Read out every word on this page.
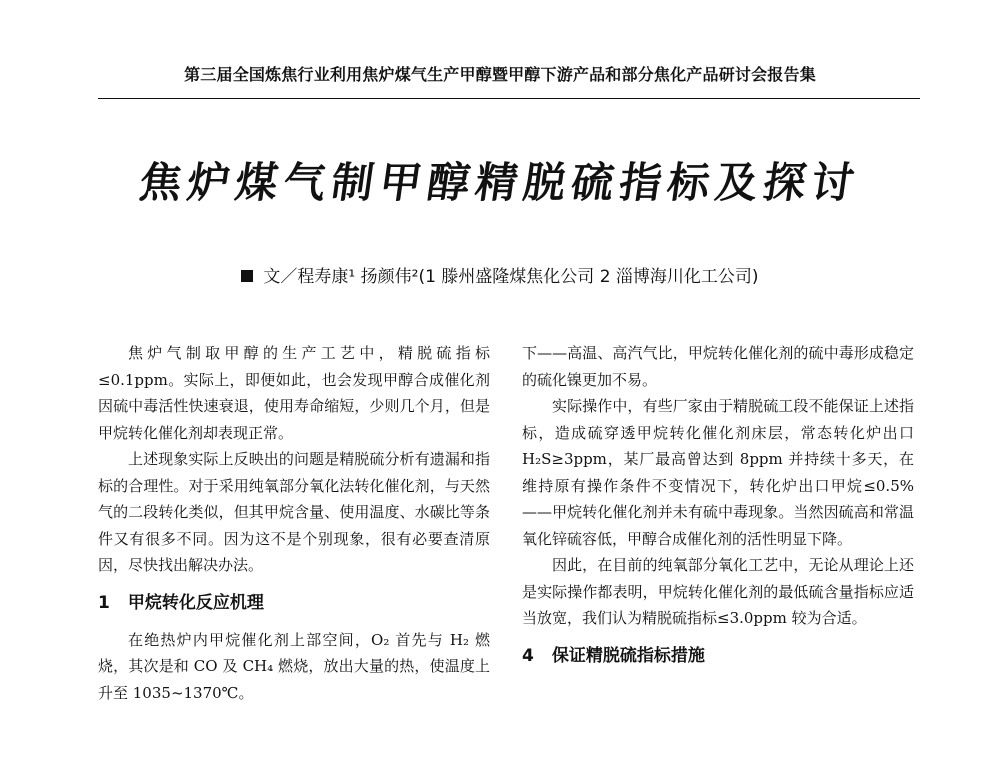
第三届全国炼焦行业利用焦炉煤气生产甲醇暨甲醇下游产品和部分焦化产品研讨会报告集
焦炉煤气制甲醇精脱硫指标及探讨
文／程寿康¹ 扬颜伟²(1 滕州盛隆煤焦化公司 2 淄博海川化工公司)

焦炉气制取甲醇的生产工艺中，精脱硫指标≤0.1ppm。实际上，即便如此，也会发现甲醇合成催化剂因硫中毒活性快速衰退，使用寿命缩短，少则几个月，但是甲烷转化催化剂却表现正常。

上述现象实际上反映出的问题是精脱硫分析有遗漏和指标的合理性。对于采用纯氧部分氧化法转化催化剂，与天然气的二段转化类似，但其甲烷含量、使用温度、水碳比等条件又有很多不同。因为这不是个别现象，很有必要查清原因，尽快找出解决办法。

1 甲烷转化反应机理

在绝热炉内甲烷催化剂上部空间，O₂ 首先与 H₂ 燃烧，其次是和 CO 及 CH₄ 燃烧，放出大量的热，使温度上升至 1035~1370℃。

下——高温、高汽气比，甲烷转化催化剂的硫中毒形成稳定的硫化镍更加不易。

实际操作中，有些厂家由于精脱硫工段不能保证上述指标，造成硫穿透甲烷转化催化剂床层，常态转化炉出口 H₂S≥3ppm，某厂最高曾达到 8ppm 并持续十多天，在维持原有操作条件不变情况下，转化炉出口甲烷≤0.5%——甲烷转化催化剂并未有硫中毒现象。当然因硫高和常温氧化锌硫容低，甲醇合成催化剂的活性明显下降。

因此，在目前的纯氧部分氧化工艺中，无论从理论上还是实际操作都表明，甲烷转化催化剂的最低硫含量指标应适当放宽，我们认为精脱硫指标≤3.0ppm 较为合适。

4 保证精脱硫指标措施
